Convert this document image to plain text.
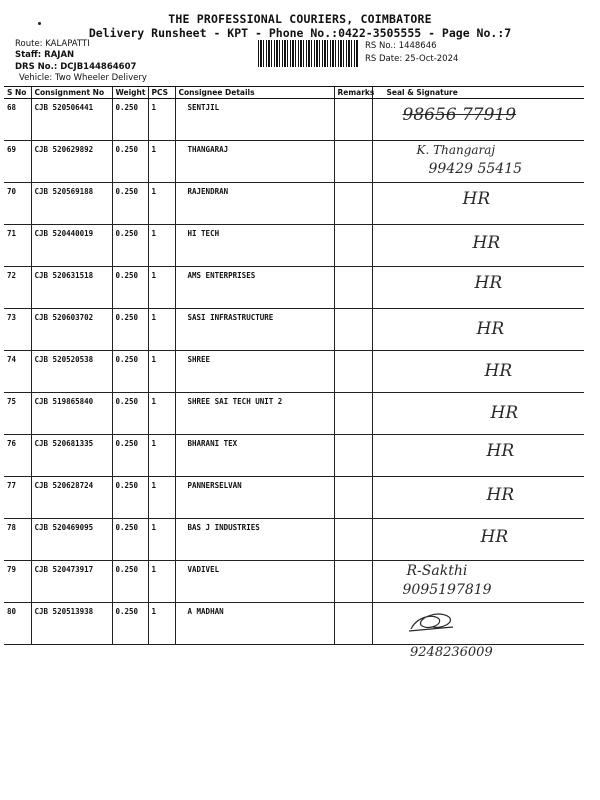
THE PROFESSIONAL COURIERS, COIMBATORE
Delivery Runsheet - KPT - Phone No.:0422-3505555 - Page No.:7
Route: KALAPATTI
Staff: RAJAN
DRS No.: DCJB144864607
Vehicle: Two Wheeler Delivery
RS No.: 1448646
RS Date: 25-Oct-2024
S No	Consignment No	Weight	PCS	Consignee Details	Remarks	Seal & Signature
68	CJB 520506441	0.250	1	SENTJIL		98656 77919

69	CJB 520629892	0.250	1	THANGARAJ		K. Thangaraj
99429 55415

70	CJB 520569188	0.250	1	RAJENDRAN		HR

71	CJB 520440019	0.250	1	HI TECH		HR

72	CJB 520631518	0.250	1	AMS ENTERPRISES		HR

73	CJB 520603702	0.250	1	SASI INFRASTRUCTURE		HR

74	CJB 520520538	0.250	1	SHREE		HR

75	CJB 519865840	0.250	1	SHREE SAI TECH UNIT 2		HR

76	CJB 520681335	0.250	1	BHARANI TEX		HR

77	CJB 520628724	0.250	1	PANNERSELVAN		HR

78	CJB 520469095	0.250	1	BAS J INDUSTRIES		HR

79	CJB 520473917	0.250	1	VADIVEL		R-Sakthi
9095197819

80	CJB 520513938	0.250	1	A MADHAN		
9248236009
